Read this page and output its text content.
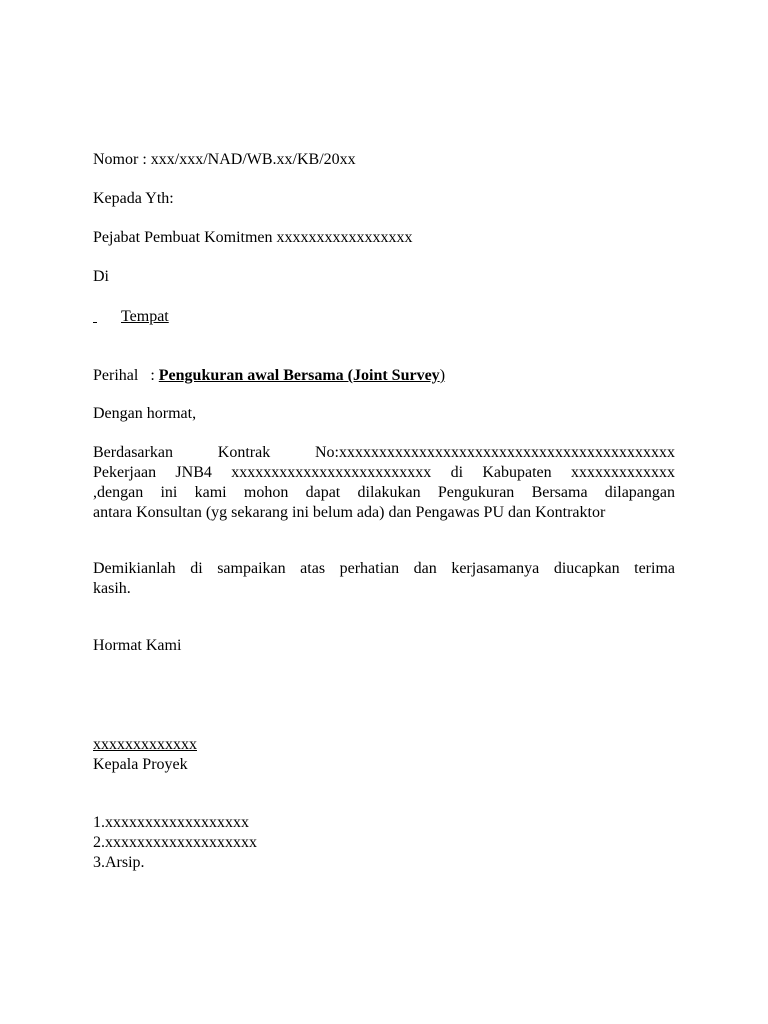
Nomor : xxx/xxx/NAD/WB.xx/KB/20xx
Kepada Yth:
Pejabat Pembuat Komitmen xxxxxxxxxxxxxxxxx
Di
Tempat
Perihal : Pengukuran awal Bersama (Joint Survey)
Dengan hormat,
Berdasarkan Kontrak No:xxxxxxxxxxxxxxxxxxxxxxxxxxxxxxxxxxxxxxxxxx
Pekerjaan JNB4 xxxxxxxxxxxxxxxxxxxxxxxxx di Kabupaten xxxxxxxxxxxxx
,dengan ini kami mohon dapat dilakukan Pengukuran Bersama dilapangan
antara Konsultan (yg sekarang ini belum ada) dan Pengawas PU dan Kontraktor
Demikianlah di sampaikan atas perhatian dan kerjasamanya diucapkan terima
kasih.
Hormat Kami
xxxxxxxxxxxxx
Kepala Proyek
1.xxxxxxxxxxxxxxxxxx
2.xxxxxxxxxxxxxxxxxxx
3.Arsip.
